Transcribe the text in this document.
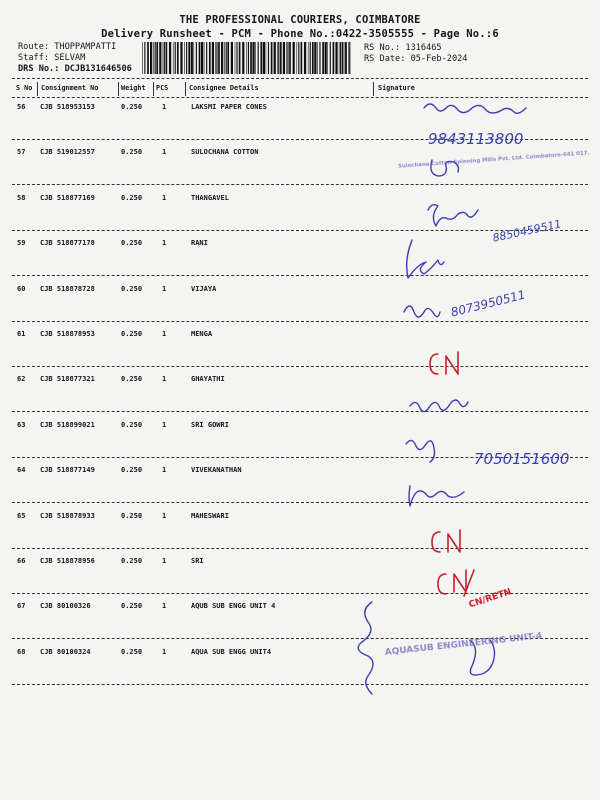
THE PROFESSIONAL COURIERS, COIMBATORE
Delivery Runsheet - PCM - Phone No.:0422-3505555 - Page No.:6
Route: THOPPAMPATTI
Staff: SELVAM
DRS No.: DCJB131646506
RS No.: 1316465
RS Date: 05-Feb-2024
S No Consignment No	Weight PCS	Consignee Details	Signature
56 CJB 518953153	0.250	1	LAKSMI PAPER CONES
57 CJB 519012557	0.250	1	SULOCHANA COTTON
58 CJB 518877169	0.250	1	THANGAVEL
59 CJB 518877178	0.250	1	RANI
60 CJB 518878728	0.250	1	VIJAYA
61 CJB 518878953	0.250	1	MENGA
62 CJB 518877321	0.250	1	GHAYATHI
63 CJB 518899021	0.250	1	SRI GOWRI
64 CJB 518877149	0.250	1	VIVEKANATHAN
65 CJB 518878933	0.250	1	MAHESWARI
66 CJB 518878956	0.250	1	SRI
67 CJB 80100326	0.250	1	AQUB SUB ENGG UNIT 4
68 CJB 80100324	0.250	1	AQUA SUB ENGG UNIT4
9843113800
8850459511
8073950511
7050151600
CN/RETN
Sulochana Cotton Spinning Mills Pvt. Ltd. Coimbatore-641 017.
AQUASUB ENGINEERING UNIT-4
